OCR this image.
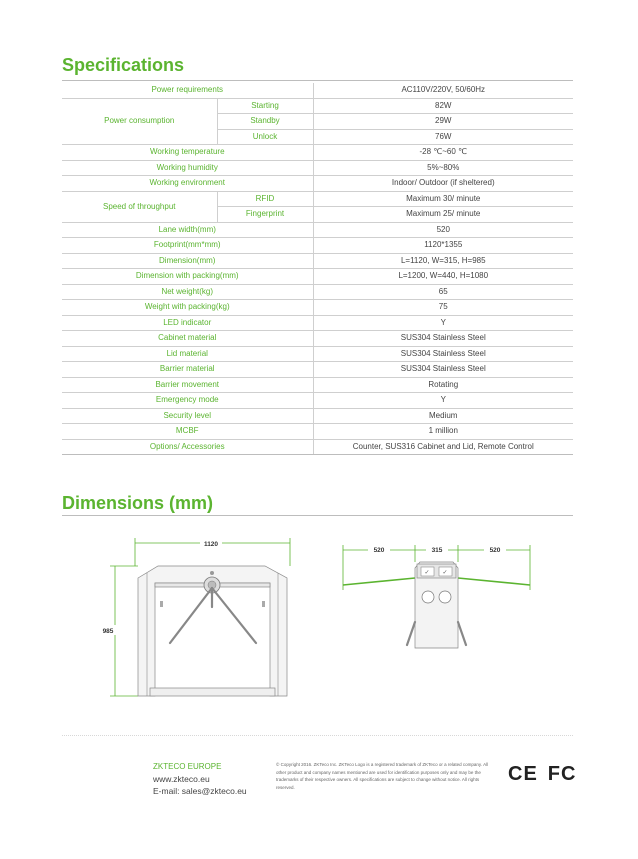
Specifications
Power requirements		AC110V/220V, 50/60Hz
Power consumption	Starting	82W
	Standby	29W
	Unlock	76W
Working temperature		-28 ℃~60 ℃
Working humidity		5%~80%
Working environment		Indoor/ Outdoor (if sheltered)
Speed of throughput	RFID	Maximum 30/ minute
	Fingerprint	Maximum 25/ minute
Lane width(mm)		520
Footprint(mm*mm)		1120*1355
Dimension(mm)		L=1120, W=315, H=985
Dimension with packing(mm)		L=1200, W=440, H=1080
Net weight(kg)		65
Weight with packing(kg)		75
LED indicator		Y
Cabinet material		SUS304 Stainless Steel
Lid material		SUS304 Stainless Steel
Barrier material		SUS304 Stainless Steel
Barrier movement		Rotating
Emergency mode		Y
Security level		Medium
MCBF		1 million
Options/ Accessories		Counter, SUS316 Cabinet and Lid, Remote Control
Dimensions (mm)
1120
985
520	315	520
✓ ✓
ZKTECO EUROPE
www.zkteco.eu
E-mail: sales@zkteco.eu
© Copyright 2016. ZKTeco Inc. ZKTeco Logo is a registered trademark of ZKTeco or a related company. All other product and company names mentioned are used for identification purposes only and may be the trademarks of their respective owners. All specifications are subject to change without notice. All rights reserved.
CE FC
